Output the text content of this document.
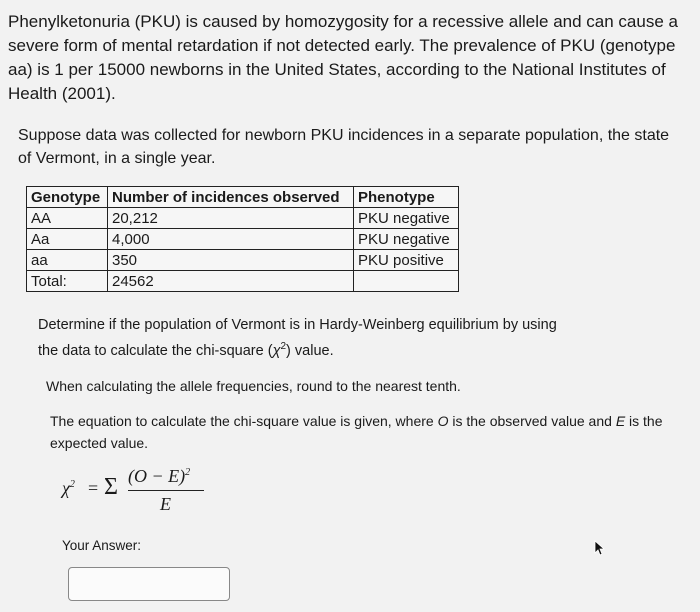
Phenylketonuria (PKU) is caused by homozygosity for a recessive allele and can cause a severe form of mental retardation if not detected early. The prevalence of PKU (genotype aa) is 1 per 15000 newborns in the United States, according to the National Institutes of Health (2001).

Suppose data was collected for newborn PKU incidences in a separate population, the state of Vermont, in a single year.

Genotype	Number of incidences observed	Phenotype
AA	20,212	PKU negative
Aa	4,000	PKU negative
aa	350	PKU positive
Total:	24562	

Determine if the population of Vermont is in Hardy-Weinberg equilibrium by using
the data to calculate the chi-square $(\chi^2)$ value.

When calculating the allele frequencies, round to the nearest tenth.

The equation to calculate the chi-square value is given, where O is the observed value and E is the expected value.

$\chi^2 = \Sigma$ $(O - E)^2$
E

Your Answer:
